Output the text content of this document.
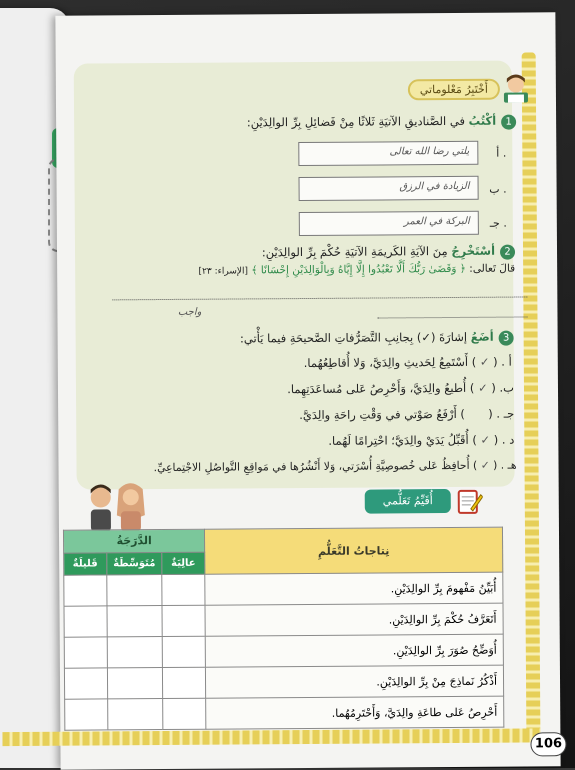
أَخْتَبِرُ مَعْلوماتي
1
أكْتُبُ في الصَّناديقِ الآتيَةِ ثَلاثًا مِنْ فَضائِلِ بِرِّ الوالِدَيْنِ:
أ .
يلتي رضا الله تعالى
ب .
الزيادة في الرزق
جـ .
البركة في العمر
2
أسْتَخْرِجُ مِنَ الآيَةِ الكَريمَةِ الآتيَةِ حُكْمَ بِرِّ الوالِدَيْنِ:
قالَ تَعالى: ﴿ وَقَضَىٰ رَبُّكَ أَلَّا تَعْبُدُوا إِلَّا إِيَّاهُ وَبِالْوَالِدَيْنِ إِحْسَانًا ﴾ [الإسراء: ٢٣]
واجب
3
أضَعُ إشارَةَ (✓) بِجانِبِ التَّصَرُّفاتِ الصَّحيحَةِ فيما يَأْتي:
أ . ( ✓ ) أَسْتَمِعُ لِحَديثِ والِدَيَّ، وَلا أُقاطِعُهُما.
ب. ( ✓ ) أُطيعُ والِدَيَّ، وَأَحْرِصُ عَلى مُساعَدَتِهِما.
جـ . (  ) أَرْفَعُ صَوْتي في وَقْتِ راحَةِ والِدَيَّ.
د . ( ✓ ) أُقَبِّلُ يَدَيْ والِدَيَّ؛ احْتِرامًا لَهُما.
هـ . ( ✓ ) أُحافِظُ عَلى خُصوصِيَّةِ أُسْرَتي، وَلا أَنْشُرُها في مَواقِعِ التَّواصُلِ الاجْتِماعِيِّ.
أُقَيِّمُ تَعَلُّمي
نِتاجاتُ التَّعَلُّمِ	الدَّرَجَةُ		
	عالِيَةٌ	مُتَوَسِّطَةٌ	قَليلَةٌ
أُبَيِّنُ مَفْهومَ بِرِّ الوالِدَيْنِ.			
أَتَعَرَّفُ حُكْمَ بِرِّ الوالِدَيْنِ.			
أُوَضِّحُ صُوَرَ بِرِّ الوالِدَيْنِ.			
أَذْكُرُ نَماذِجَ مِنْ بِرِّ الوالِدَيْنِ.			
أَحْرِصُ عَلى طاعَةِ والِدَيَّ، وَأَحْتَرِمُهُما.			
106
